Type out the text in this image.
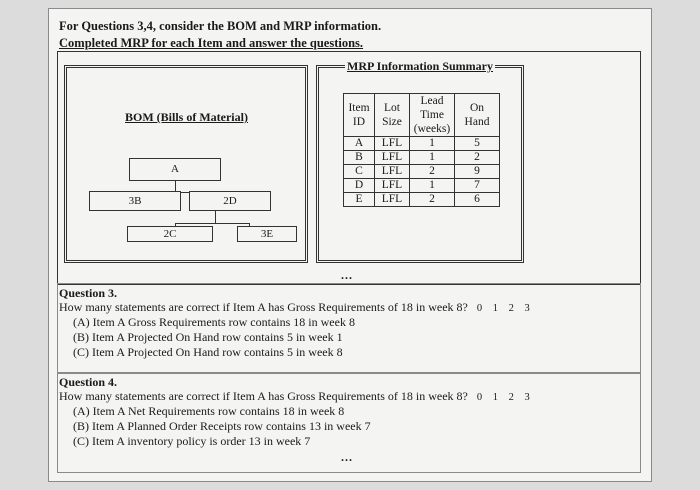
For Questions 3,4, consider the BOM and MRP information.
Completed MRP for each Item and answer the questions.
BOM (Bills of Material)
A
3B	2D
2C	3E
MRP Information Summary
Item ID	Lot Size	Lead Time (weeks)	On Hand
A	LFL	1	5
B	LFL	1	2
C	LFL	2	9
D	LFL	1	7
E	LFL	2	6
...
Question 3.
How many statements are correct if Item A has Gross Requirements of 18 in week 8? 0 1 2 3
(A) Item A Gross Requirements row contains 18 in week 8
(B) Item A Projected On Hand row contains 5 in week 1
(C) Item A Projected On Hand row contains 5 in week 8
Question 4.
How many statements are correct if Item A has Gross Requirements of 18 in week 8? 0 1 2 3
(A) Item A Net Requirements row contains 18 in week 8
(B) Item A Planned Order Receipts row contains 13 in week 7
(C) Item A inventory policy is order 13 in week 7
...
